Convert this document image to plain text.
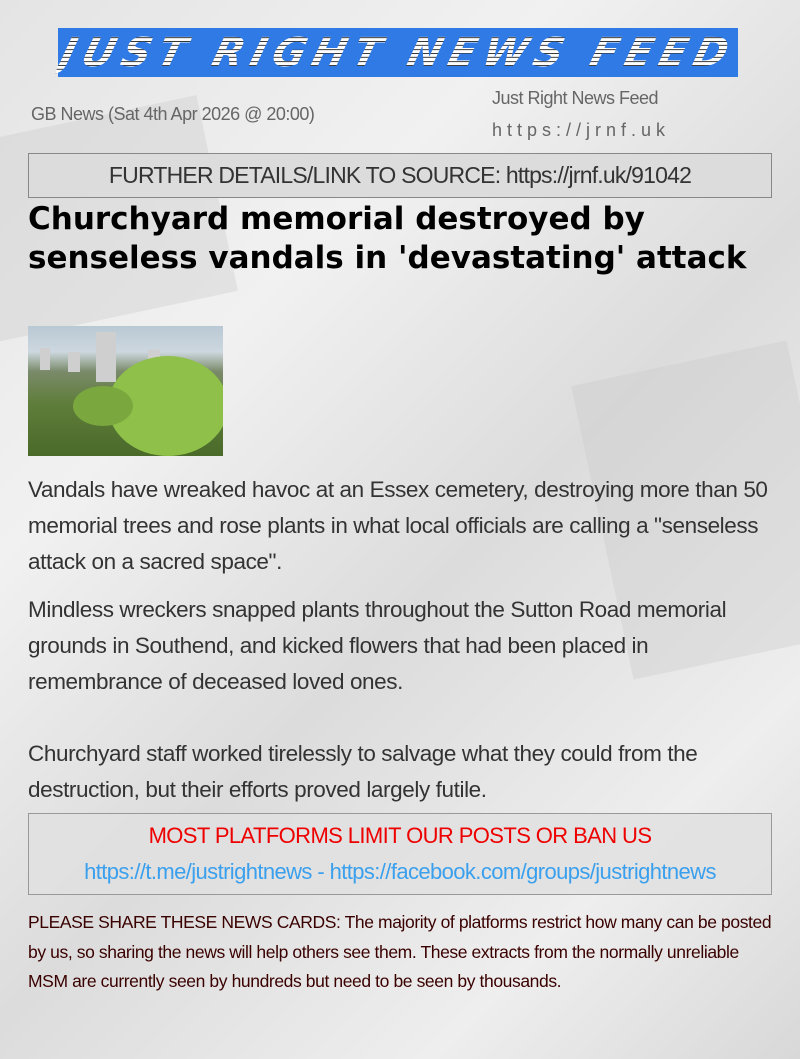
JUST RIGHT NEWS FEED
GB News (Sat 4th Apr 2026 @ 20:00)
Just Right News Feed
https://jrnf.uk
FURTHER DETAILS/LINK TO SOURCE: https://jrnf.uk/91042
Churchyard memorial destroyed by senseless vandals in 'devastating' attack

Vandals have wreaked havoc at an Essex cemetery, destroying more than 50 memorial trees and rose plants in what local officials are calling a "senseless attack on a sacred space".

Mindless wreckers snapped plants throughout the Sutton Road memorial grounds in Southend, and kicked flowers that had been placed in remembrance of deceased loved ones.

Churchyard staff worked tirelessly to salvage what they could from the destruction, but their efforts proved largely futile.

MOST PLATFORMS LIMIT OUR POSTS OR BAN US
https://t.me/justrightnews - https://facebook.com/groups/justrightnews
PLEASE SHARE THESE NEWS CARDS: The majority of platforms restrict how many can be posted by us, so sharing the news will help others see them. These extracts from the normally unreliable MSM are currently seen by hundreds but need to be seen by thousands.
